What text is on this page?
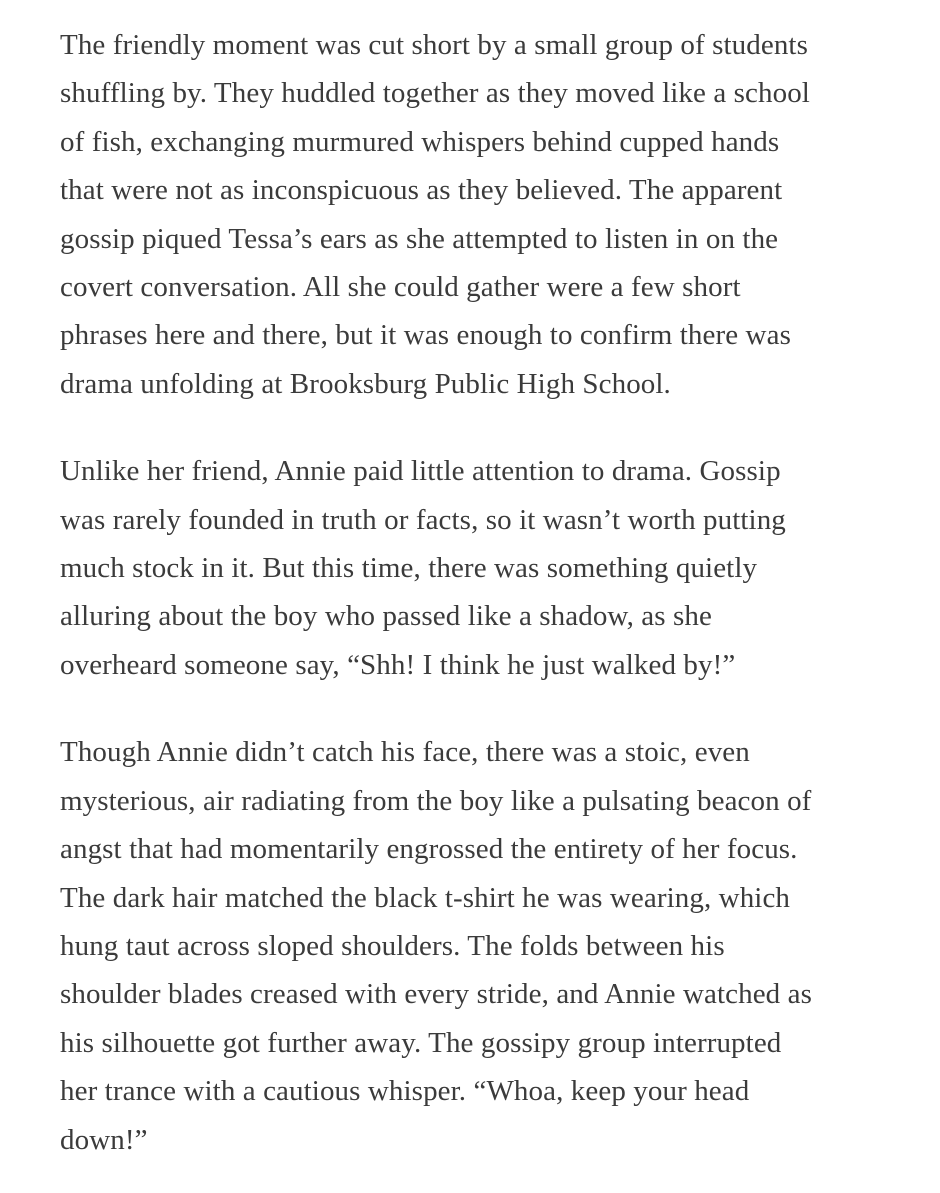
The friendly moment was cut short by a small group of students
shuffling by. They huddled together as they moved like a school
of fish, exchanging murmured whispers behind cupped hands
that were not as inconspicuous as they believed. The apparent
gossip piqued Tessa’s ears as she attempted to listen in on the
covert conversation. All she could gather were a few short
phrases here and there, but it was enough to confirm there was
drama unfolding at Brooksburg Public High School.
Unlike her friend, Annie paid little attention to drama. Gossip
was rarely founded in truth or facts, so it wasn’t worth putting
much stock in it. But this time, there was something quietly
alluring about the boy who passed like a shadow, as she
overheard someone say, “Shh! I think he just walked by!”
Though Annie didn’t catch his face, there was a stoic, even
mysterious, air radiating from the boy like a pulsating beacon of
angst that had momentarily engrossed the entirety of her focus.
The dark hair matched the black t-shirt he was wearing, which
hung taut across sloped shoulders. The folds between his
shoulder blades creased with every stride, and Annie watched as
his silhouette got further away. The gossipy group interrupted
her trance with a cautious whisper. “Whoa, keep your head
down!”
